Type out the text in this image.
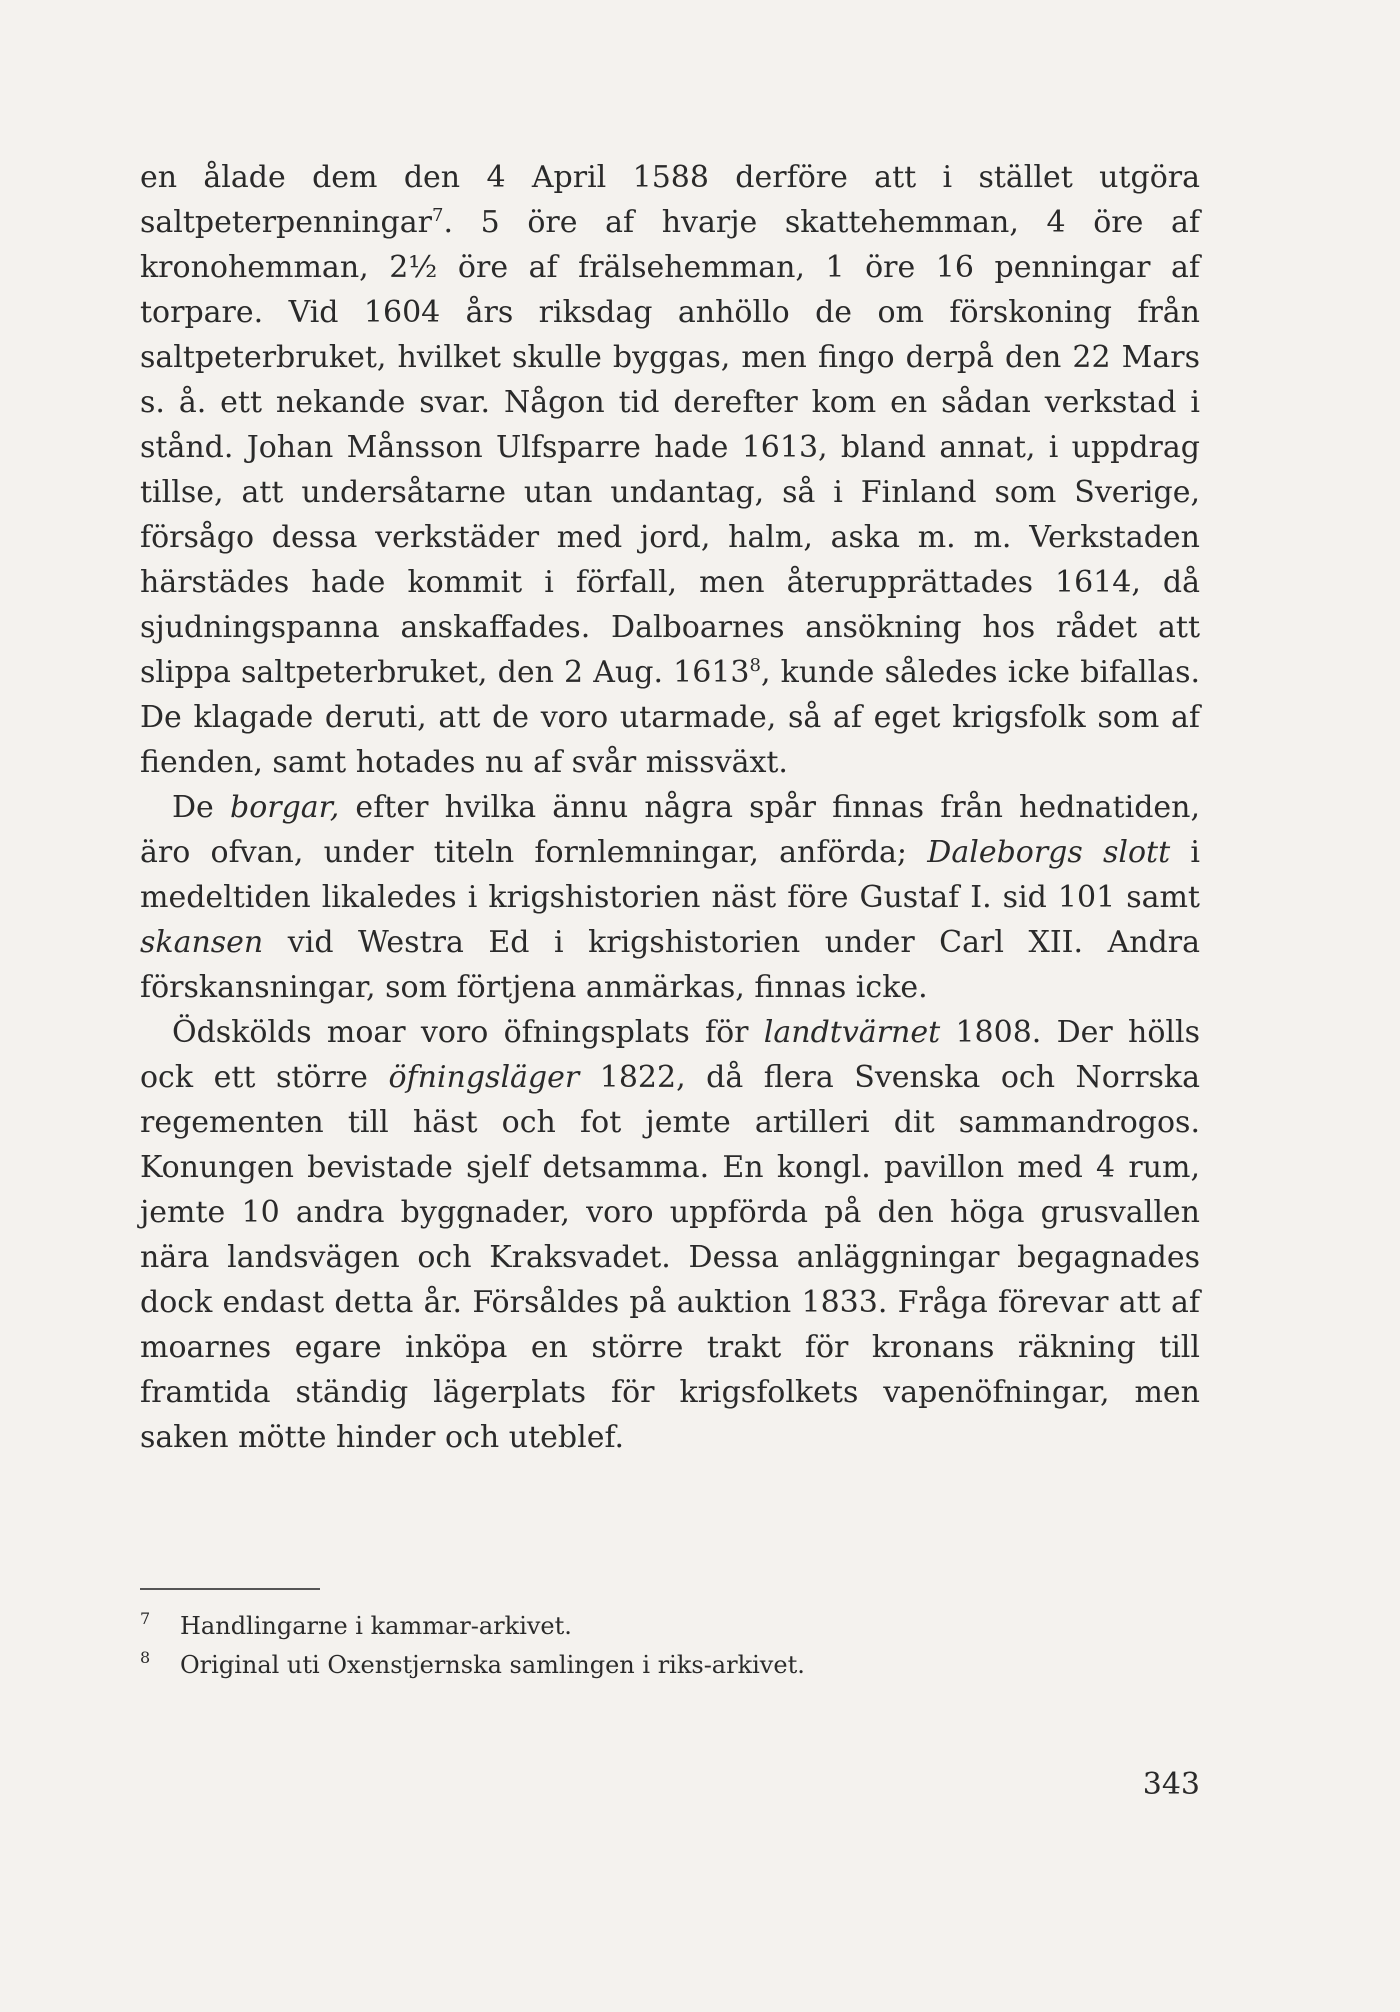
en ålade dem den 4 April 1588 derföre att i stället utgöra saltpeterpenningar$^7$. 5 öre af hvarje skattehemman, 4 öre af kronohemman, 2½ öre af frälsehemman, 1 öre 16 penningar af torpare. Vid 1604 års riksdag anhöllo de om förskoning från saltpeterbruket, hvilket skulle byggas, men fingo derpå den 22 Mars s. å. ett nekande svar. Någon tid derefter kom en sådan verkstad i stånd. Johan Månsson Ulfsparre hade 1613, bland annat, i uppdrag tillse, att undersåtarne utan undantag, så i Finland som Sverige, försågo dessa verkstäder med jord, halm, aska m. m. Verkstaden härstädes hade kommit i förfall, men återupprättades 1614, då sjudningspanna anskaffades. Dalboarnes ansökning hos rådet att slippa saltpeterbruket, den 2 Aug. 1613$^8$, kunde således icke bifallas. De klagade deruti, att de voro utarmade, så af eget krigsfolk som af fienden, samt hotades nu af svår missväxt.

De borgar, efter hvilka ännu några spår finnas från hednatiden, äro ofvan, under titeln fornlemningar, anförda; Daleborgs slott i medeltiden likaledes i krigshistorien näst före Gustaf I. sid 101 samt skansen vid Westra Ed i krigshistorien under Carl XII. Andra förskansningar, som förtjena anmärkas, finnas icke.

Ödskölds moar voro öfningsplats för landtvärnet 1808. Der hölls ock ett större öfningsläger 1822, då flera Svenska och Norrska regementen till häst och fot jemte artilleri dit sammandrogos. Konungen bevistade sjelf detsamma. En kongl. pavillon med 4 rum, jemte 10 andra byggnader, voro uppförda på den höga grusvallen nära landsvägen och Kraksvadet. Dessa anläggningar begagnades dock endast detta år. Försåldes på auktion 1833. Fråga förevar att af moarnes egare inköpa en större trakt för kronans räkning till framtida ständig lägerplats för krigsfolkets vapenöfningar, men saken mötte hinder och uteblef.

7 Handlingarne i kammar-arkivet.

8 Original uti Oxenstjernska samlingen i riks-arkivet.

343
